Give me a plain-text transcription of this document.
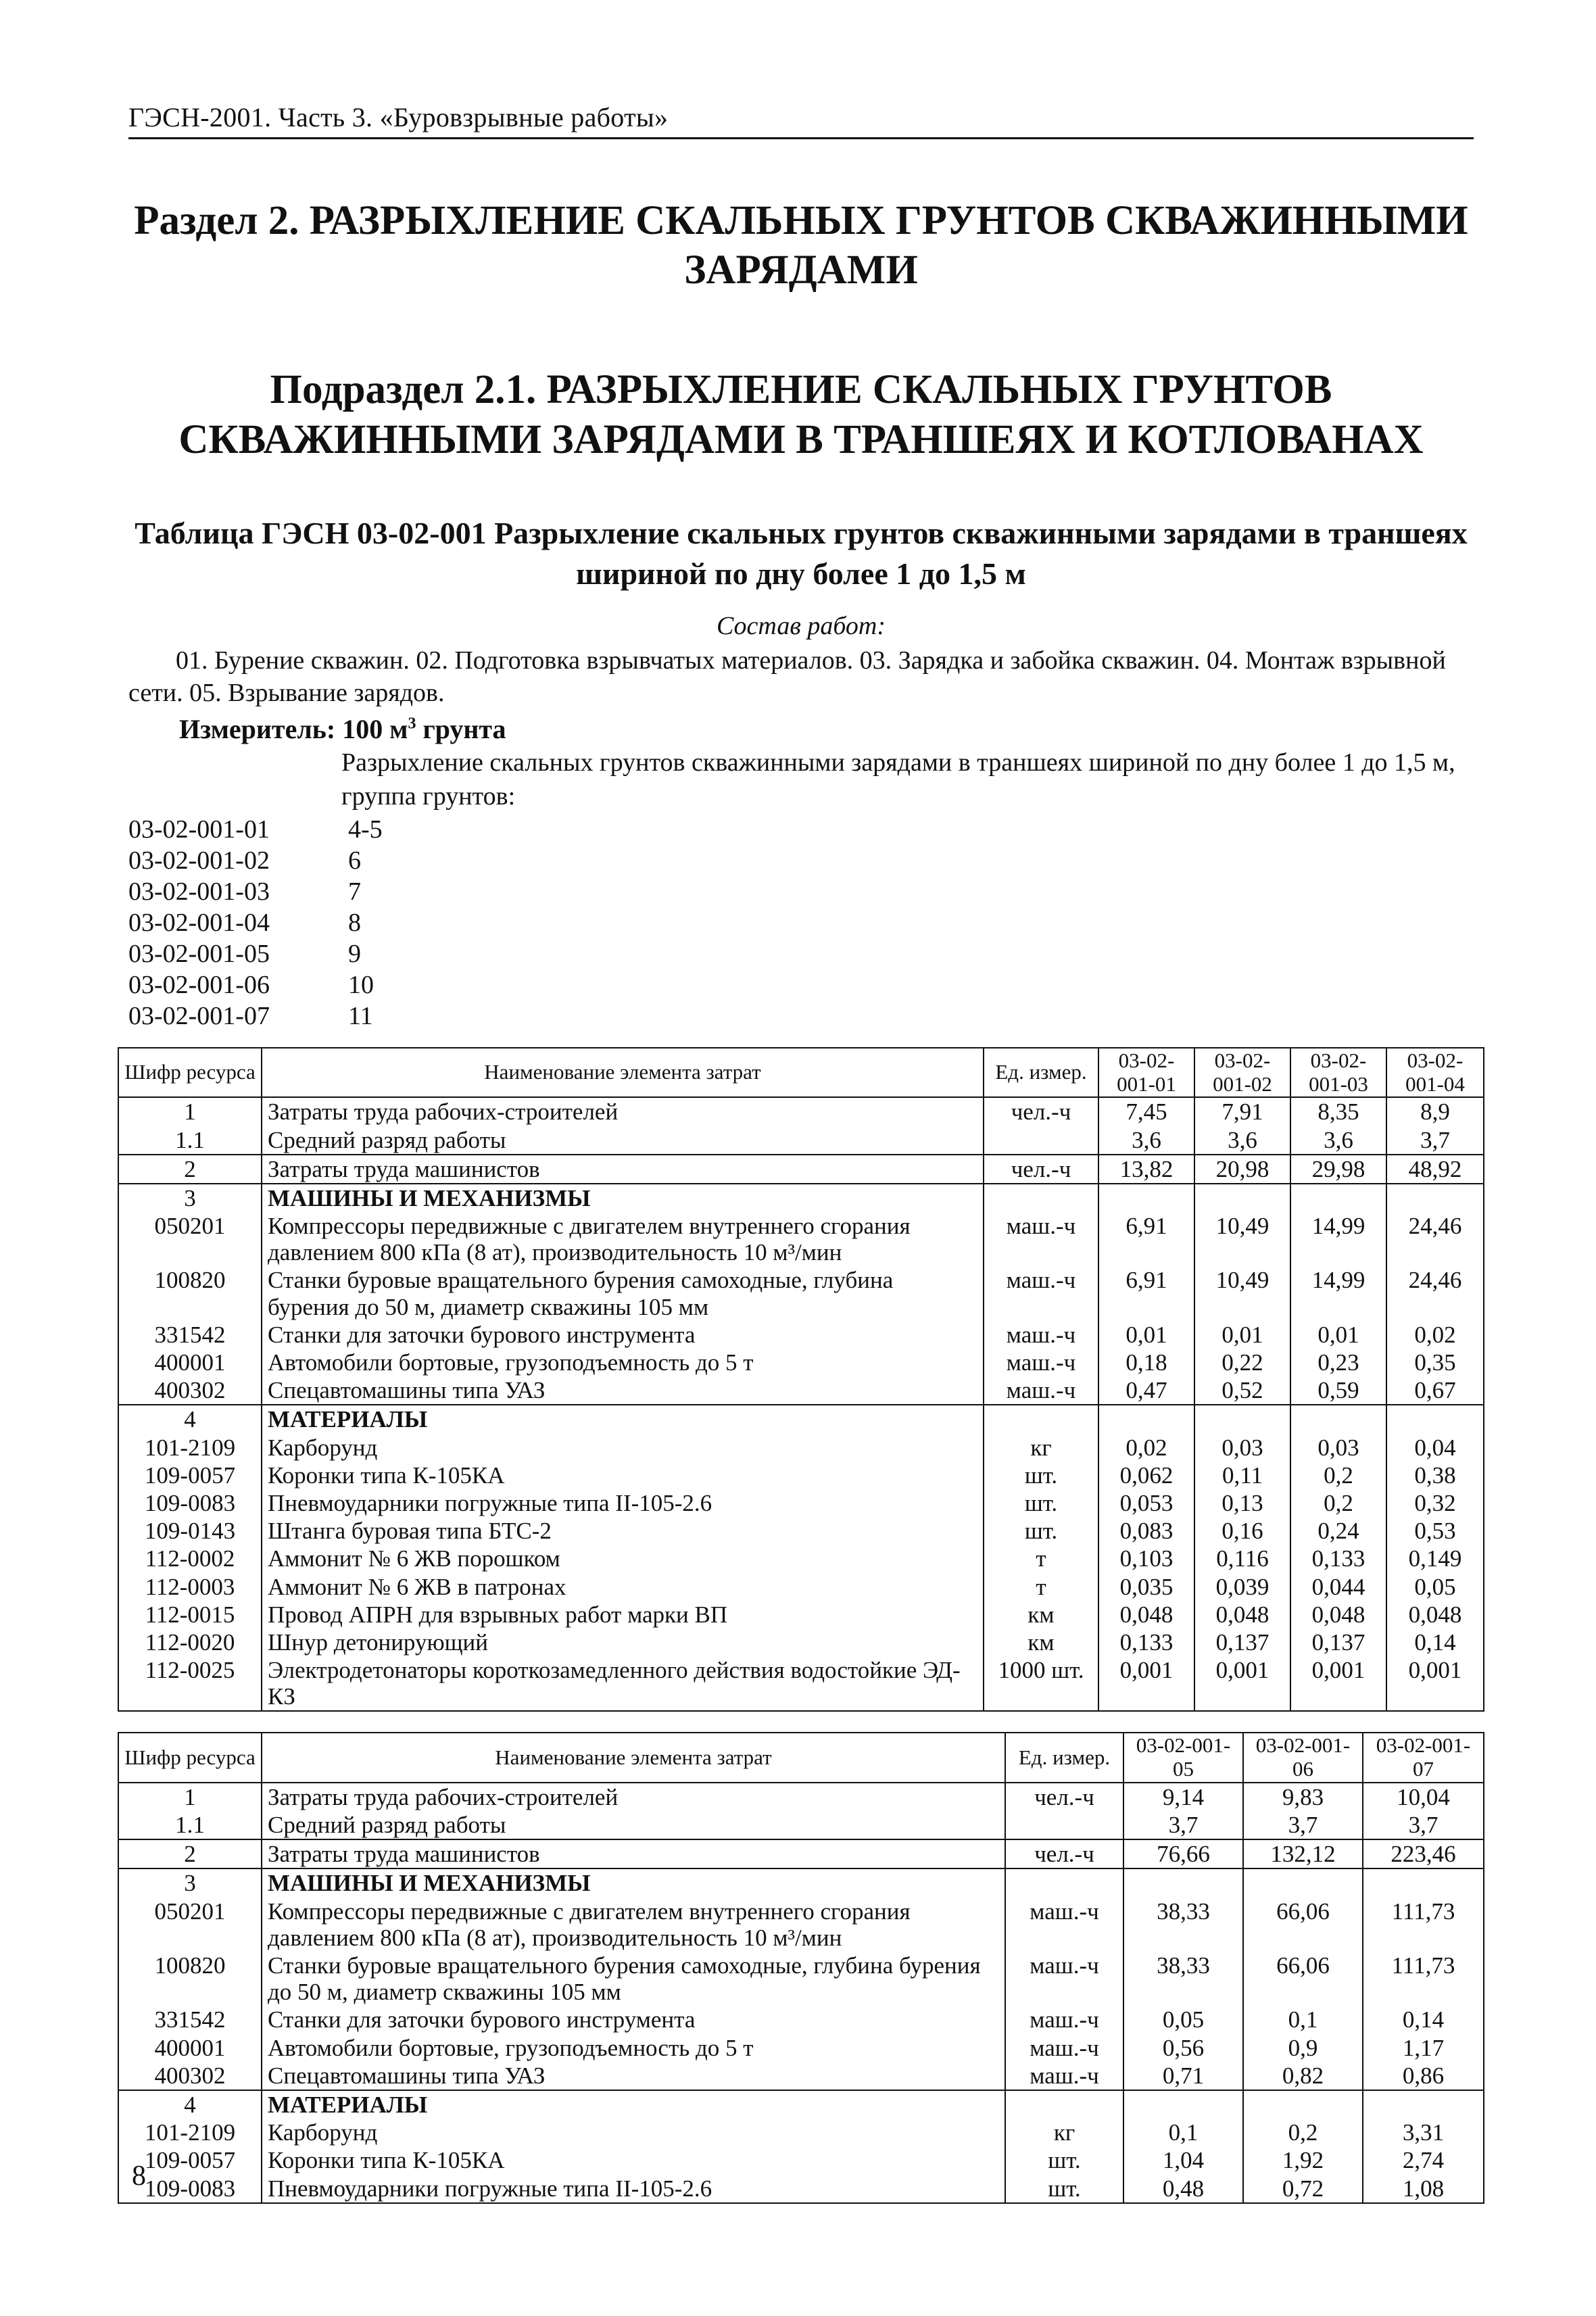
ГЭСН-2001. Часть 3. «Буровзрывные работы»
Раздел 2. РАЗРЫХЛЕНИЕ СКАЛЬНЫХ ГРУНТОВ СКВАЖИННЫМИ ЗАРЯДАМИ
Подраздел 2.1. РАЗРЫХЛЕНИЕ СКАЛЬНЫХ ГРУНТОВ СКВАЖИННЫМИ ЗАРЯДАМИ В ТРАНШЕЯХ И КОТЛОВАНАХ
Таблица ГЭСН 03-02-001 Разрыхление скальных грунтов скважинными зарядами в траншеях шириной по дну более 1 до 1,5 м
Состав работ:
01. Бурение скважин. 02. Подготовка взрывчатых материалов. 03. Зарядка и забойка скважин. 04. Монтаж взрывной сети. 05. Взрывание зарядов.
Измеритель: 100 $м^3$ грунта
Разрыхление скальных грунтов скважинными зарядами в траншеях шириной по дну более 1 до 1,5 м, группа грунтов:
03-02-001-01	4-5
03-02-001-02	6
03-02-001-03	7
03-02-001-04	8
03-02-001-05	9
03-02-001-06	10
03-02-001-07	11
Шифр ресурса	Наименование элемента затрат	Ед. измер.	03-02-001-01	03-02-001-02	03-02-001-03	03-02-001-04
1	Затраты труда рабочих-строителей	чел.-ч	7,45	7,91	8,35	8,9
1.1	Средний разряд работы		3,6	3,6	3,6	3,7
2	Затраты труда машинистов	чел.-ч	13,82	20,98	29,98	48,92
3	МАШИНЫ И МЕХАНИЗМЫ					
050201	Компрессоры передвижные с двигателем внутреннего сгорания давлением 800 кПа (8 ат), производительность 10 м³/мин	маш.-ч	6,91	10,49	14,99	24,46
100820	Станки буровые вращательного бурения самоходные, глубина бурения до 50 м, диаметр скважины 105 мм	маш.-ч	6,91	10,49	14,99	24,46
331542	Станки для заточки бурового инструмента	маш.-ч	0,01	0,01	0,01	0,02
400001	Автомобили бортовые, грузоподъемность до 5 т	маш.-ч	0,18	0,22	0,23	0,35
400302	Спецавтомашины типа УАЗ	маш.-ч	0,47	0,52	0,59	0,67
4	МАТЕРИАЛЫ					
101-2109	Карборунд	кг	0,02	0,03	0,03	0,04
109-0057	Коронки типа К-105КА	шт.	0,062	0,11	0,2	0,38
109-0083	Пневмоударники погружные типа II-105-2.6	шт.	0,053	0,13	0,2	0,32
109-0143	Штанга буровая типа БТС-2	шт.	0,083	0,16	0,24	0,53
112-0002	Аммонит № 6 ЖВ порошком	т	0,103	0,116	0,133	0,149
112-0003	Аммонит № 6 ЖВ в патронах	т	0,035	0,039	0,044	0,05
112-0015	Провод АПРН для взрывных работ марки ВП	км	0,048	0,048	0,048	0,048
112-0020	Шнур детонирующий	км	0,133	0,137	0,137	0,14
112-0025	Электродетонаторы короткозамедленного действия водостойкие ЭД-КЗ	1000 шт.	0,001	0,001	0,001	0,001
Шифр ресурса	Наименование элемента затрат	Ед. измер.	03-02-001-05	03-02-001-06	03-02-001-07
1	Затраты труда рабочих-строителей	чел.-ч	9,14	9,83	10,04
1.1	Средний разряд работы		3,7	3,7	3,7
2	Затраты труда машинистов	чел.-ч	76,66	132,12	223,46
3	МАШИНЫ И МЕХАНИЗМЫ				
050201	Компрессоры передвижные с двигателем внутреннего сгорания давлением 800 кПа (8 ат), производительность 10 м³/мин	маш.-ч	38,33	66,06	111,73
100820	Станки буровые вращательного бурения самоходные, глубина бурения до 50 м, диаметр скважины 105 мм	маш.-ч	38,33	66,06	111,73
331542	Станки для заточки бурового инструмента	маш.-ч	0,05	0,1	0,14
400001	Автомобили бортовые, грузоподъемность до 5 т	маш.-ч	0,56	0,9	1,17
400302	Спецавтомашины типа УАЗ	маш.-ч	0,71	0,82	0,86
4	МАТЕРИАЛЫ				
101-2109	Карборунд	кг	0,1	0,2	3,31
109-0057	Коронки типа К-105КА	шт.	1,04	1,92	2,74
109-0083	Пневмоударники погружные типа II-105-2.6	шт.	0,48	0,72	1,08
8
